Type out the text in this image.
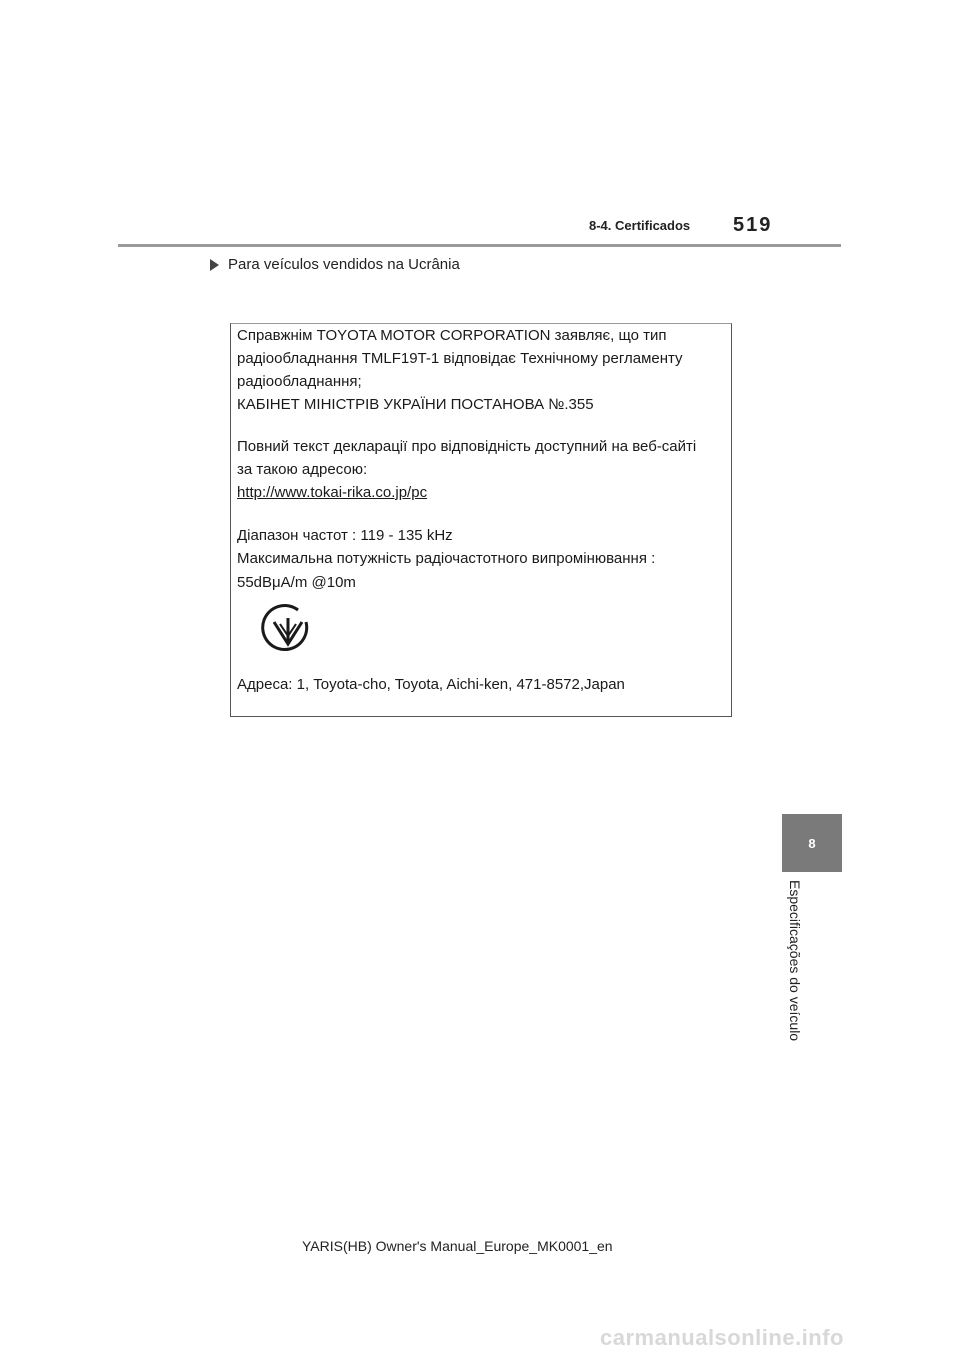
8-4. Certificados 519
Para veículos vendidos na Ucrânia
Справжнім TOYOTA MOTOR CORPORATION заявляє, що тип
радіообладнання TMLF19T-1 відповідає Технічному регламенту
радіообладнання;
КАБІНЕТ МІНІСТРІВ УКРАЇНИ ПОСТАНОВА №.355
Повний текст декларації про відповідність доступний на веб-сайті
за такою адресою:
http://www.tokai-rika.co.jp/pc
Діапазон частот : 119 - 135 kHz
Максимальна потужність радіочастотного випромінювання :
55dBμA/m @10m
Адреса: 1, Toyota-cho, Toyota, Aichi-ken, 471-8572,Japan
8
Especificações do veículo
YARIS(HB) Owner's Manual_Europe_MK0001_en
carmanualsonline.info
